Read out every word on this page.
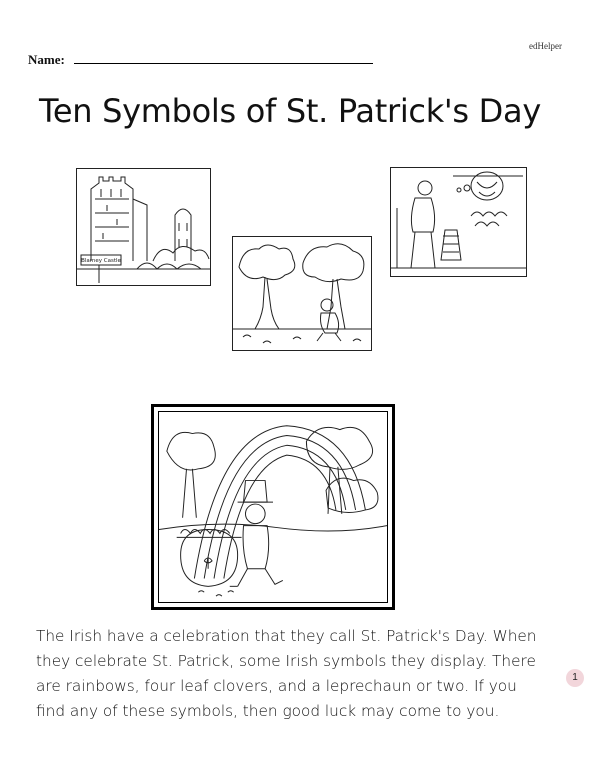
edHelper
Name:
Ten Symbols of St. Patrick's Day
Blarney Castle
The Irish have a celebration that they call St. Patrick's Day. When
they celebrate St. Patrick, some Irish symbols they display. There
are rainbows, four leaf clovers, and a leprechaun or two. If you
find any of these symbols, then good luck may come to you.
1
